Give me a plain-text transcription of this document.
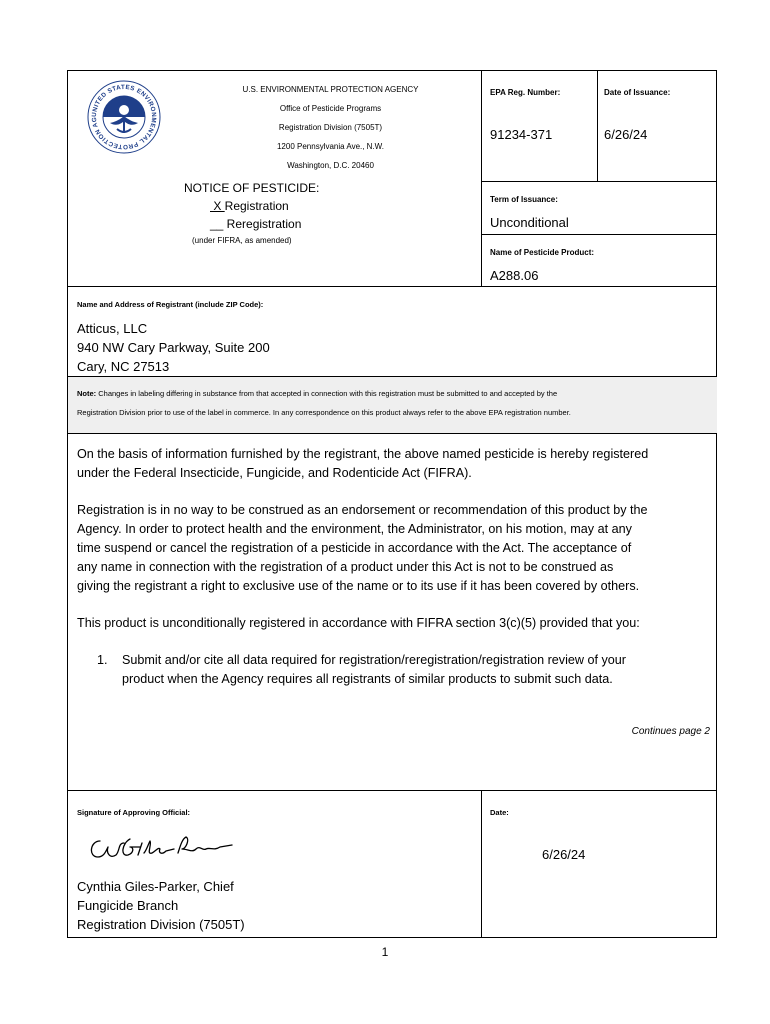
UNITED STATES ENVIRONMENTAL PROTECTION AG
U.S. ENVIRONMENTAL PROTECTION AGENCY
Office of Pesticide Programs
Registration Division (7505T)
1200 Pennsylvania Ave., N.W.
Washington, D.C. 20460
NOTICE OF PESTICIDE:
X Registration
__ Reregistration
(under FIFRA, as amended)
EPA Reg. Number:
91234-371
Date of Issuance:
6/26/24
Term of Issuance:
Unconditional
Name of Pesticide Product:
A288.06
Name and Address of Registrant (include ZIP Code):
Atticus, LLC
940 NW Cary Parkway, Suite 200
Cary, NC 27513
Note: Changes in labeling differing in substance from that accepted in connection with this registration must be submitted to and accepted by the
Registration Division prior to use of the label in commerce. In any correspondence on this product always refer to the above EPA registration number.
On the basis of information furnished by the registrant, the above named pesticide is hereby registered
under the Federal Insecticide, Fungicide, and Rodenticide Act (FIFRA).
Registration is in no way to be construed as an endorsement or recommendation of this product by the
Agency. In order to protect health and the environment, the Administrator, on his motion, may at any
time suspend or cancel the registration of a pesticide in accordance with the Act. The acceptance of
any name in connection with the registration of a product under this Act is not to be construed as
giving the registrant a right to exclusive use of the name or to its use if it has been covered by others.
This product is unconditionally registered in accordance with FIFRA section 3(c)(5) provided that you:
1. Submit and/or cite all data required for registration/reregistration/registration review of your
product when the Agency requires all registrants of similar products to submit such data.
Continues page 2
Signature of Approving Official:
Cynthia Giles-Parker, Chief
Fungicide Branch
Registration Division (7505T)
Date:
6/26/24
1
